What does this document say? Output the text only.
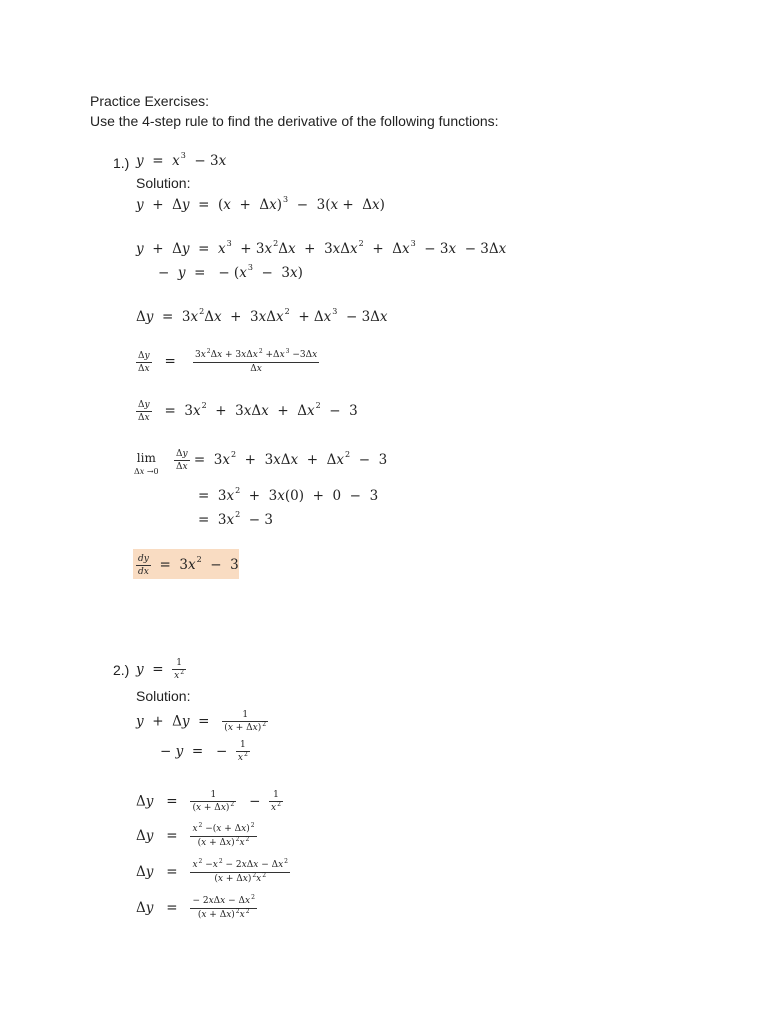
Practice Exercises:
Use the 4-step rule to find the derivative of the following functions:
1.) $y = x^3 - 3x$
Solution:
$y + \Delta y = (x + \Delta x)^3 - 3(x + \Delta x)$
$y + \Delta y = x^3 + 3x^2\Delta x + 3x\Delta x^2 + \Delta x^3 - 3x - 3\Delta x$
−  y  =   − $(x^3 - 3x)$
$\Delta y = 3x^2\Delta x + 3x\Delta x^2 + \Delta x^3 - 3\Delta x$
$\frac{\Delta y}{\Delta x} = \frac{3x^2\Delta x + 3x\Delta x^2 +\Delta x^3 -3\Delta x}{\Delta x}$
$\frac{\Delta y}{\Delta x} = 3x^2 + 3x\Delta x + \Delta x^2 - 3$
lim
$\Delta x \to 0 \frac{\Delta y}{\Delta x} = 3x^2 + 3x\Delta x + \Delta x^2 - 3$
=  $3x^2 + 3x(0) + 0 - 3$
=  $3x^2 - 3$
$\frac{dy}{dx} = 3x^2 - 3$
2.) $y = \frac{1}{x^2}$
Solution:
$y + \Delta y = \frac{1}{(x + \Delta x)^2}$
− y  =   − $\frac{1}{x^2}$
$\Delta y = \frac{1}{(x + \Delta x)^2} - \frac{1}{x^2}$
$\Delta y = \frac{x^2 -(x + \Delta x)^2}{(x + \Delta x)^2x^2}$
$\Delta y = \frac{x^2 -x^2 - 2x\Delta x - \Delta x^2}{(x + \Delta x)^2x^2}$
$\Delta y = \frac{- 2x\Delta x - \Delta x^2}{(x + \Delta x)^2x^2}$
